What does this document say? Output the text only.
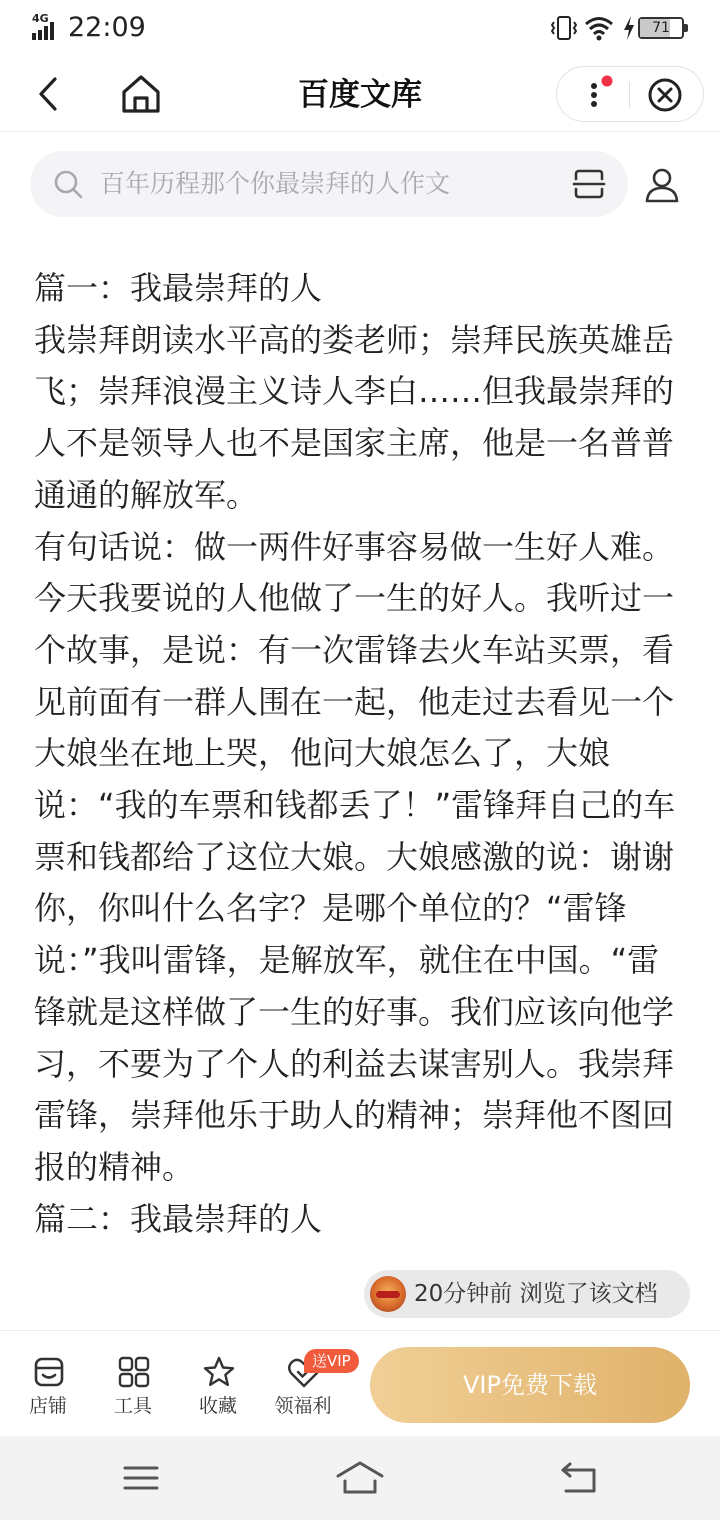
4G 22:09	71
百度文库
百年历程那个你最崇拜的人作文

篇一：我最崇拜的人

我崇拜朗读水平高的娄老师；崇拜民族英雄岳飞；崇拜浪漫主义诗人李白……但我最崇拜的人不是领导人也不是国家主席，他是一名普普通通的解放军。

有句话说：做一两件好事容易做一生好人难。今天我要说的人他做了一生的好人。我听过一个故事，是说：有一次雷锋去火车站买票，看见前面有一群人围在一起，他走过去看见一个大娘坐在地上哭，他问大娘怎么了，大娘说：“我的车票和钱都丢了！”雷锋拜自己的车票和钱都给了这位大娘。大娘感激的说：谢谢你，你叫什么名字？是哪个单位的？“雷锋说：”我叫雷锋，是解放军，就住在中国。“雷锋就是这样做了一生的好事。我们应该向他学习，不要为了个人的利益去谋害别人。我崇拜雷锋，崇拜他乐于助人的精神；崇拜他不图回报的精神。

篇二：我最崇拜的人

20分钟前 浏览了该文档
店铺	工具	收藏	领福利
送VIP
VIP免费下载
